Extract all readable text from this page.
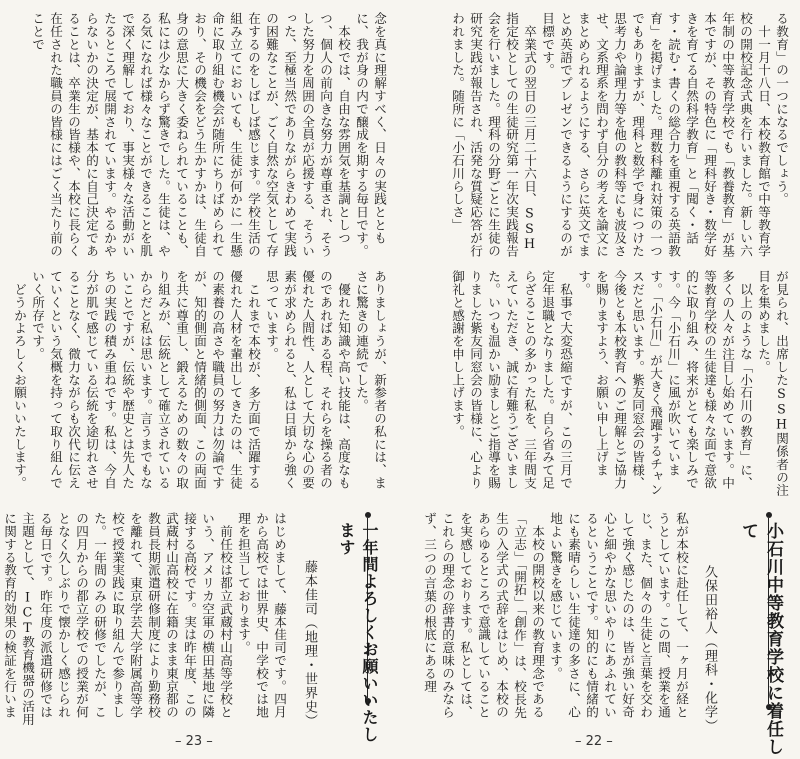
念を真に理解すべく、日々の実践とともに、我が身の内で醸成を期する毎日です。
　本校では、自由な雰囲気を基調としつつ、個人の前向きな努力が尊重され、そうした努力を周囲の全員が応援する、そういった、至極当然でありながらきわめて実践の困難なことが、ごく自然な空気として存在するのをしばしば感じます。学校生活の組み立てにおいても、生徒が何かに一生懸命に取り組む機会が随所にちりばめられており、その機会をどう生かすかは、生徒自身の意思に大きく委ねられていることも、私には少なからず驚きでした。生徒は、やる気になれば様々なことができることを肌で深く理解しており、事実様々な活動がいたるところで展開されています。やるかやらないかの決定が、基本的に自己決定であることは、卒業生の皆様や、本校に長らく在任された職員の皆様にはごく当たり前のことで
ありましょうが、新参者の私には、まさに驚きの連続でした。
　優れた知識や高い技能は、高度なものであればある程、それらを操る者の優れた人間性、人として大切な心の要素が求められると、私は日頃から強く思っています。
　これまで本校が、多方面で活躍する優れた人材を輩出してきたのは、生徒の素養の高さや職員の努力は勿論ですが、知的側面と情緒的側面、この両面を共に尊重し、鍛えるための数々の取り組みが、伝統として確立されているからだと私は思います。言うまでもないことですが、伝統や歴史とは先人たちの実践の積み重ねです。私は、今自分が肌で感じている伝統を途切れさせることなく、微力ながらも次代に伝えていくという気概を持って取り組んでいく所存です。
　どうかよろしくお願いいたします。
一年間よろしくお願いいたします
藤本佳司（地理・世界史）
はじめまして、藤本佳司です。四月から高校では世界史、中学校では地理を担当しております。
　前任校は都立武蔵村山高等学校という、アメリカ空軍の横田基地に隣接する高校です。実は昨年度、この武蔵村山高校に在籍のまま東京都の教員長期派遣研修制度により勤務校を離れて、東京学芸大学附属高等学校で授業実践に取り組んで参りました。一年間のみの研修でしたが、この四月からの都立学校での授業が何となく久しぶりで懐かしく感じられる毎日です。昨年度の派遣研修では主題として、ICT教育機器の活用に関する教育的効果の検証を行いま
– 23 –
る教育」の一つになるでしょう。
　十一月十八日、本校教育館で中等教育学校の開校記念式典を行いました。新しい六年制の中等教育学校でも「教養教育」が基本ですが、その特色に「理科好き・数学好きを育てる自然科学教育」と「聞く・話す・読む・書くの総合力を重視する英語教育」を掲げました。理数科離れ対策の一つでもありますが、理科と数学で身につけた思考力や論理力等を他の教科等にも波及させ、文系理系を問わず自分の考えを論文にまとめられるようにする、さらに英文でまとめ英語でプレゼンできるようにするのが目標です。
　卒業式の翌日の三月二十六日、SSH指定校としての生徒研究第一年次実践報告会を行いました。理科の分野ごとに生徒の研究実践が報告され、活発な質疑応答が行われました。随所に「小石川らしさ」
が見られ、出席したSSH関係者の注目を集めました。
　以上のような「小石川の教育」に、多くの人々が注目し始めています。中等教育学校の生徒達も様々な面で意欲的に取り組み、将来がとても楽しみです。今「小石川」に風が吹いています。「小石川」が大きく飛躍するチャンスだと思います。紫友同窓会の皆様、今後とも本校教育へのご理解とご協力を賜りますよう、お願い申し上げます。
　私事で大変恐縮ですが、この三月で定年退職となりました。自ら省みて足らざることの多かった私を、三年間支えていただき、誠に有難うございました。いつも温かい励ましとご指導を賜りました紫友同窓会の皆様に、心より御礼と感謝を申し上げます。
小石川中等教育学校に着任して
久保田裕人（理科・化学）
私が本校に赴任して、一ヶ月が経とうとしています。この間、授業を通じ、また、個々の生徒と言葉を交わして強く感じたのは、皆が強い好奇心と細やかな思いやりにあふれているということです。知的にも情緒的にも素晴らしい生徒達の多さに、心地よい驚きを感じています。
　本校の開校以来の教育理念である「立志」「開拓」「創作」は、校長先生の入学式の式辞をはじめ、本校のあらゆるところで意識していることを実感しております。私としては、これらの理念の辞書的意味のみならず、三つの言葉の根底にある理
– 22 –
